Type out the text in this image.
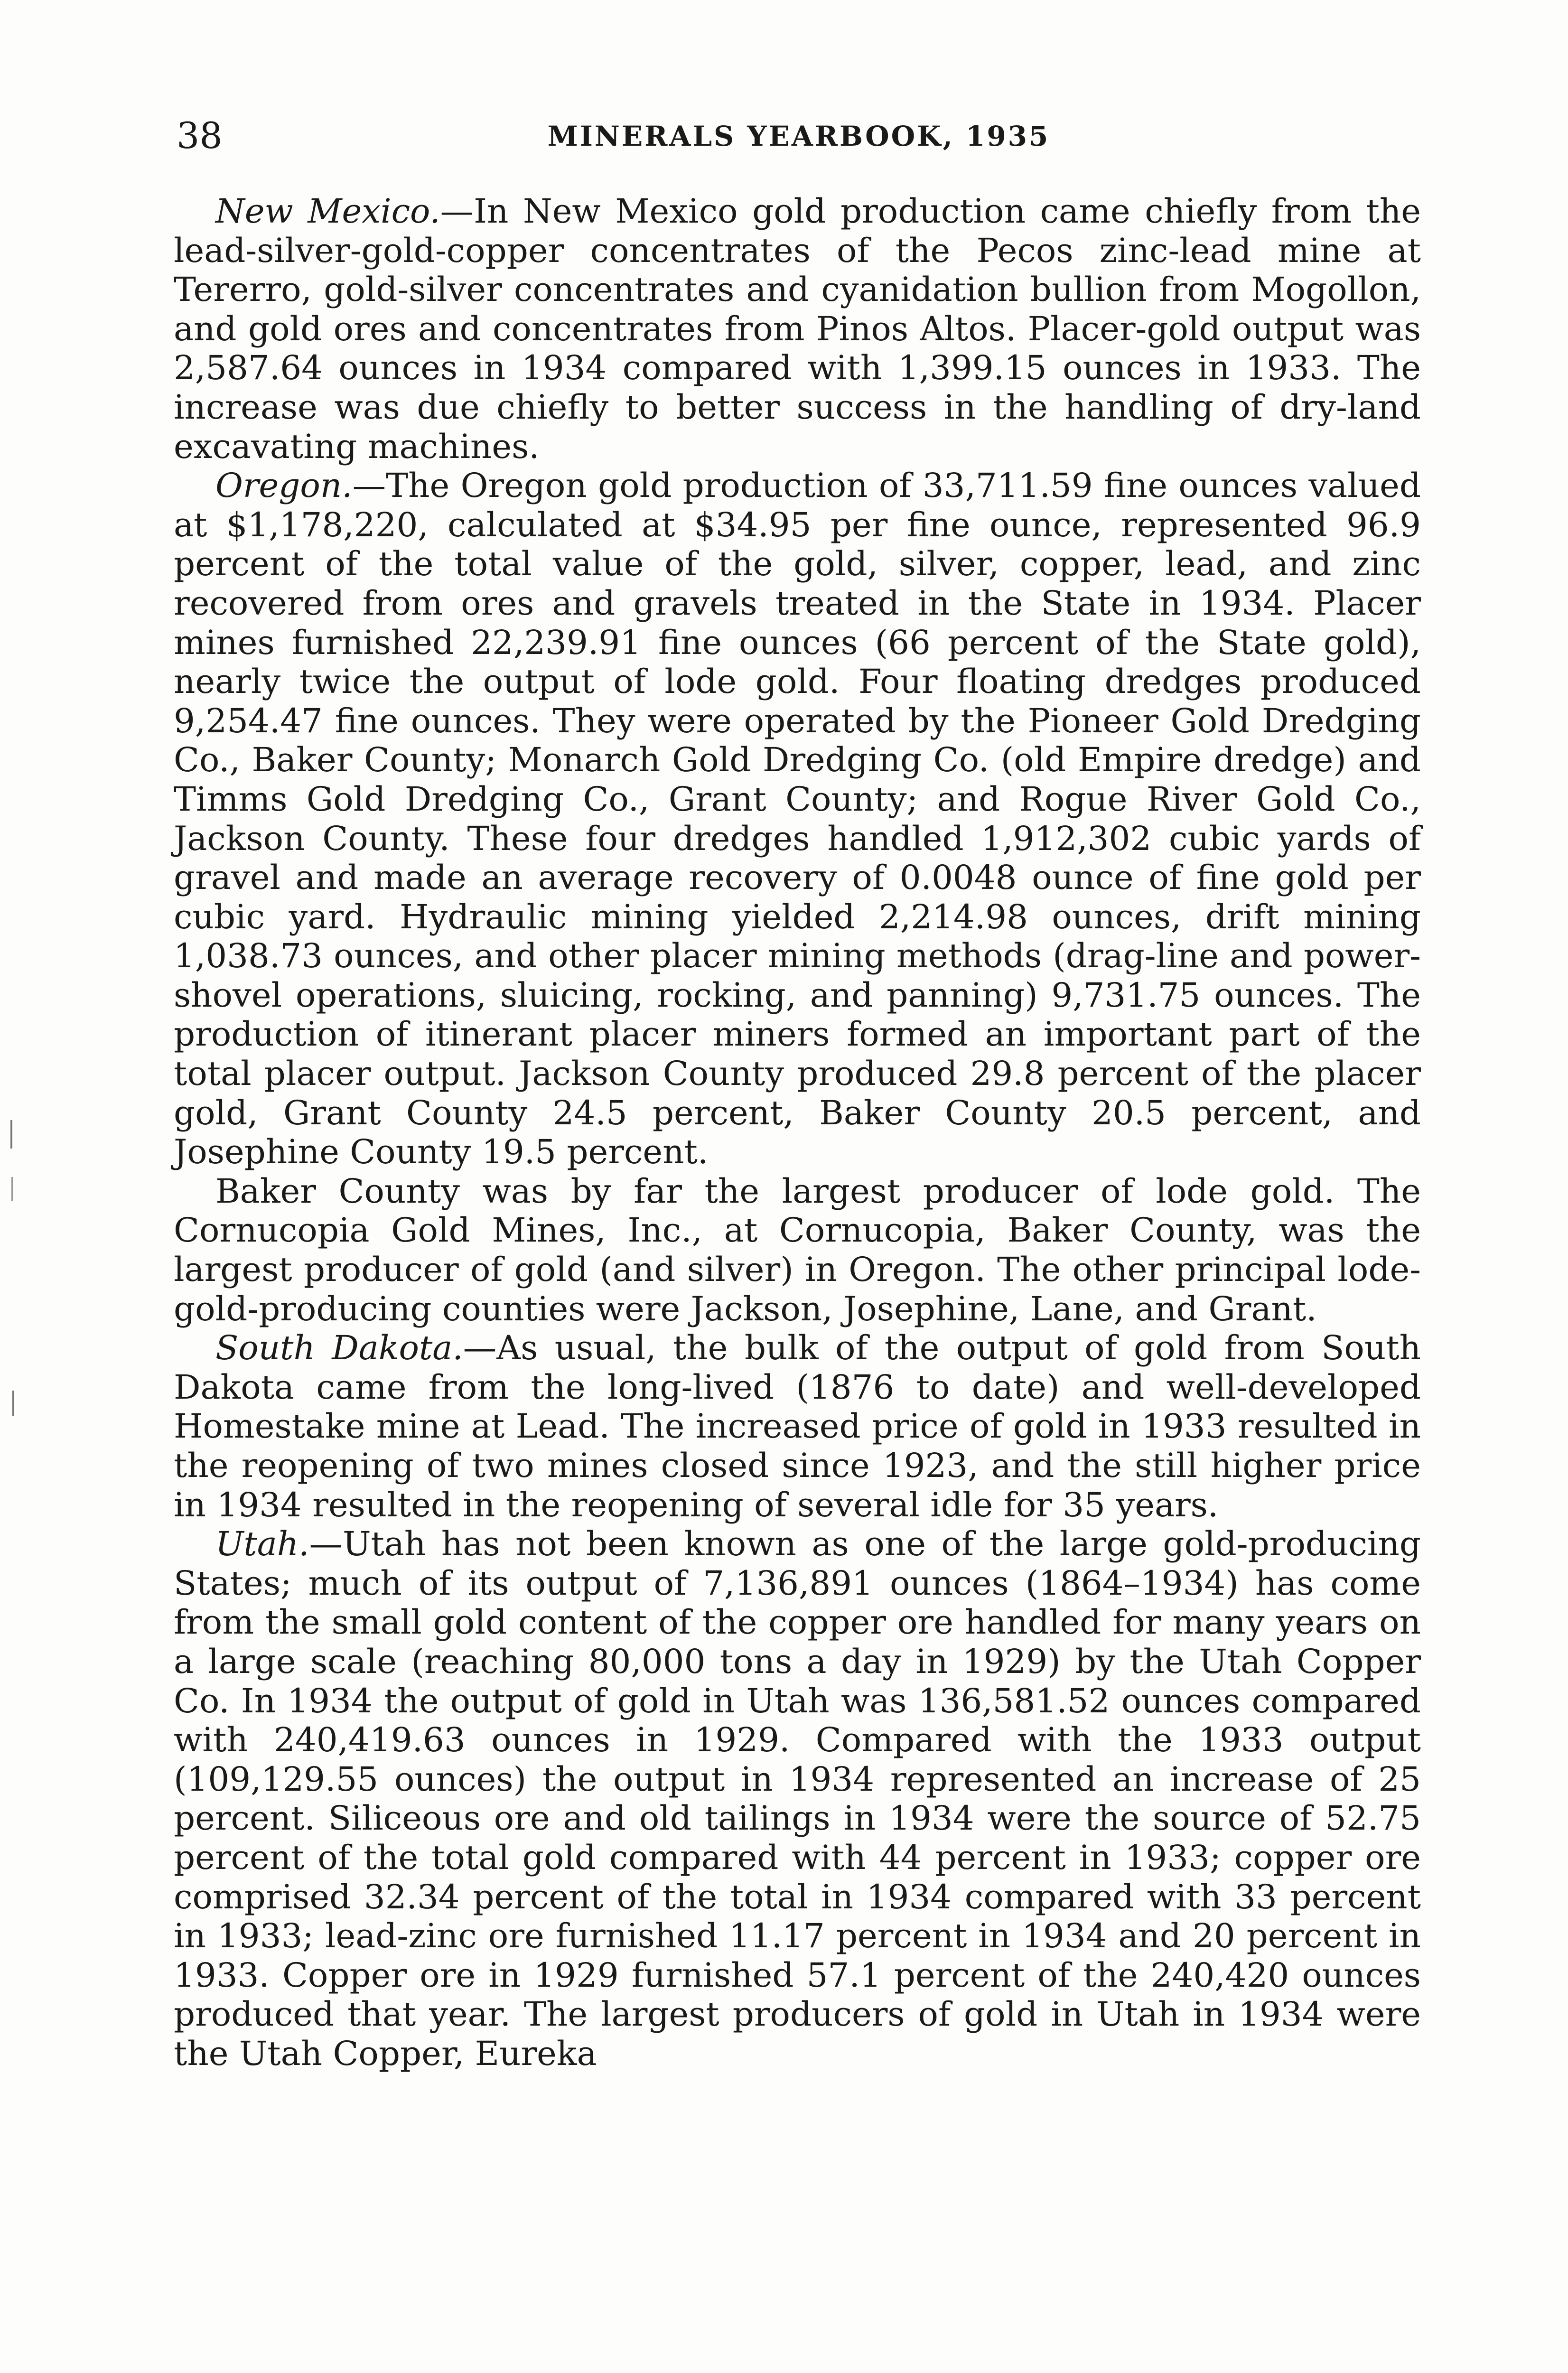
38	MINERALS YEARBOOK, 1935

New Mexico.—In New Mexico gold production came chiefly from the lead-silver-gold-copper concentrates of the Pecos zinc-lead mine at Tererro, gold-silver concentrates and cyanidation bullion from Mogollon, and gold ores and concentrates from Pinos Altos. Placer-gold output was 2,587.64 ounces in 1934 compared with 1,399.15 ounces in 1933. The increase was due chiefly to better success in the handling of dry-land excavating machines.

Oregon.—The Oregon gold production of 33,711.59 fine ounces valued at $1,178,220, calculated at $34.95 per fine ounce, represented 96.9 percent of the total value of the gold, silver, copper, lead, and zinc recovered from ores and gravels treated in the State in 1934. Placer mines furnished 22,239.91 fine ounces (66 percent of the State gold), nearly twice the output of lode gold. Four floating dredges produced 9,254.47 fine ounces. They were operated by the Pioneer Gold Dredging Co., Baker County; Monarch Gold Dredging Co. (old Empire dredge) and Timms Gold Dredging Co., Grant County; and Rogue River Gold Co., Jackson County. These four dredges handled 1,912,302 cubic yards of gravel and made an average recovery of 0.0048 ounce of fine gold per cubic yard. Hydraulic mining yielded 2,214.98 ounces, drift mining 1,038.73 ounces, and other placer mining methods (drag-line and power-shovel operations, sluicing, rocking, and panning) 9,731.75 ounces. The production of itinerant placer miners formed an important part of the total placer output. Jackson County produced 29.8 percent of the placer gold, Grant County 24.5 percent, Baker County 20.5 percent, and Josephine County 19.5 percent.

Baker County was by far the largest producer of lode gold. The Cornucopia Gold Mines, Inc., at Cornucopia, Baker County, was the largest producer of gold (and silver) in Oregon. The other principal lode-gold-producing counties were Jackson, Josephine, Lane, and Grant.

South Dakota.—As usual, the bulk of the output of gold from South Dakota came from the long-lived (1876 to date) and well-developed Homestake mine at Lead. The increased price of gold in 1933 resulted in the reopening of two mines closed since 1923, and the still higher price in 1934 resulted in the reopening of several idle for 35 years.

Utah.—Utah has not been known as one of the large gold-producing States; much of its output of 7,136,891 ounces (1864–1934) has come from the small gold content of the copper ore handled for many years on a large scale (reaching 80,000 tons a day in 1929) by the Utah Copper Co. In 1934 the output of gold in Utah was 136,581.52 ounces compared with 240,419.63 ounces in 1929. Compared with the 1933 output (109,129.55 ounces) the output in 1934 represented an increase of 25 percent. Siliceous ore and old tailings in 1934 were the source of 52.75 percent of the total gold compared with 44 percent in 1933; copper ore comprised 32.34 percent of the total in 1934 compared with 33 percent in 1933; lead-zinc ore furnished 11.17 percent in 1934 and 20 percent in 1933. Copper ore in 1929 furnished 57.1 percent of the 240,420 ounces produced that year. The largest producers of gold in Utah in 1934 were the Utah Copper, Eureka
